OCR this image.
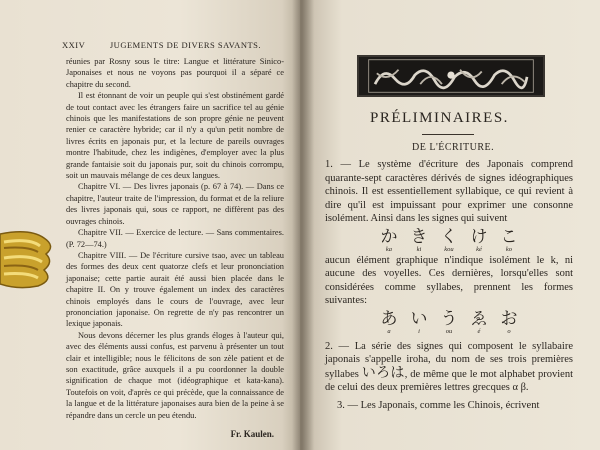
XXIV	JUGEMENTS DE DIVERS SAVANTS.

réunies par Rosny sous le titre: Langue et littérature Sinico-Japonaises et nous ne voyons pas pourquoi il a séparé ce chapitre du second.

Il est étonnant de voir un peuple qui s'est obstinément gardé de tout contact avec les étrangers faire un sacrifice tel au génie chinois que les manifestations de son propre génie ne peuvent renier ce caractère hybride; car il n'y a qu'un petit nombre de livres écrits en japonais pur, et la lecture de pareils ouvrages montre l'habitude, chez les indigènes, d'employer avec la plus grande fantaisie soit du japonais pur, soit du chinois corrompu, soit un mauvais mélange de ces deux langues.

Chapitre VI. — Des livres japonais (p. 67 à 74). — Dans ce chapitre, l'auteur traite de l'impression, du format et de la reliure des livres japonais qui, sous ce rapport, ne diffèrent pas des ouvrages chinois.

Chapitre VII. — Exercice de lecture. — Sans commentaires. (P. 72—74.)

Chapitre VIII. — De l'écriture cursive tsao, avec un tableau des formes des deux cent quatorze clefs et leur prononciation japonaise; cette partie aurait été aussi bien placée dans le chapitre II. On y trouve également un index des caractères chinois employés dans le cours de l'ouvrage, avec leur prononciation japonaise. On regrette de n'y pas rencontrer un lexique japonais.

Nous devons décerner les plus grands éloges à l'auteur qui, avec des éléments aussi confus, est parvenu à présenter un tout clair et intelligible; nous le félicitons de son zèle patient et de son exactitude, grâce auxquels il a pu coordonner la double signification de chaque mot (idéographique et kata-kana). Toutefois on voit, d'après ce qui précède, que la connaissance de la langue et de la littérature japonaises aura bien de la peine à se répandre dans un cercle un peu étendu.

Fr. Kaulen.
PRÉLIMINAIRES.
DE L'ÉCRITURE.

1. — Le système d'écriture des Japonais comprend quarante-sept caractères dérivés de signes idéographiques chinois. Il est essentiellement syllabique, ce qui revient à dire qu'il est impuissant pour exprimer une consonne isolément. Ainsi dans les signes qui suivent

か
ka
き
ki
く
kou
け
ké
こ
ko

aucun élément graphique n'indique isolément le k, ni aucune des voyelles. Ces dernières, lorsqu'elles sont considérées comme syllabes, prennent les formes suivantes:

あ
a
い
i
う
ou
ゑ
é
お
o

2. — La série des signes qui composent le syllabaire japonais s'appelle iroha, du nom de ses trois premières syllabes いろは, de même que le mot alphabet provient de celui des deux premières lettres grecques α β.

3. — Les Japonais, comme les Chinois, écrivent
